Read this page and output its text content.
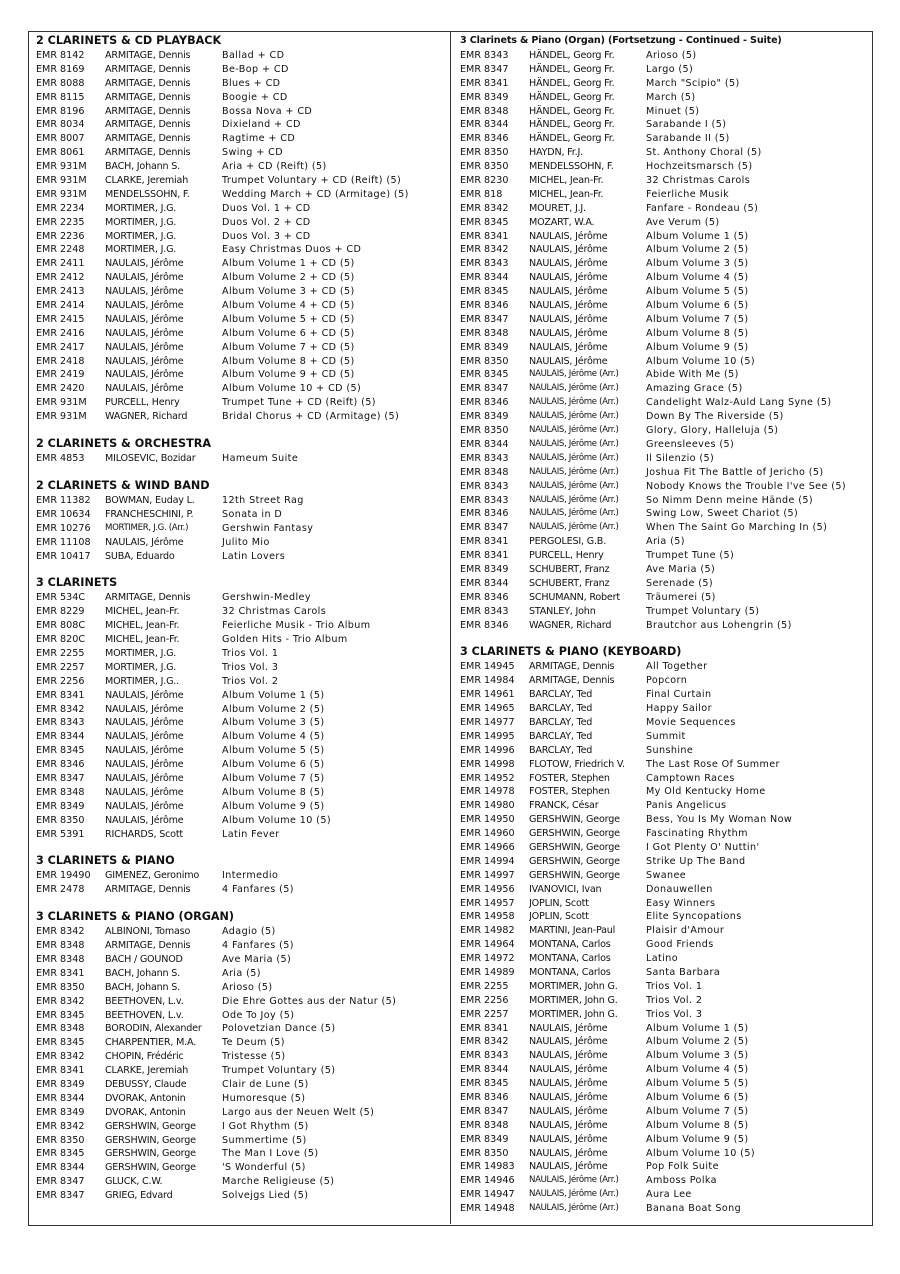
2 CLARINETS & CD PLAYBACK
EMR 8142	ARMITAGE, Dennis	Ballad + CD
EMR 8169	ARMITAGE, Dennis	Be-Bop + CD
EMR 8088	ARMITAGE, Dennis	Blues + CD
EMR 8115	ARMITAGE, Dennis	Boogie + CD
EMR 8196	ARMITAGE, Dennis	Bossa Nova + CD
EMR 8034	ARMITAGE, Dennis	Dixieland + CD
EMR 8007	ARMITAGE, Dennis	Ragtime + CD
EMR 8061	ARMITAGE, Dennis	Swing + CD
EMR 931M	BACH, Johann S.	Aria + CD (Reift) (5)
EMR 931M	CLARKE, Jeremiah	Trumpet Voluntary + CD (Reift) (5)
EMR 931M	MENDELSSOHN, F.	Wedding March + CD (Armitage) (5)
EMR 2234	MORTIMER, J.G.	Duos Vol. 1 + CD
EMR 2235	MORTIMER, J.G.	Duos Vol. 2 + CD
EMR 2236	MORTIMER, J.G.	Duos Vol. 3 + CD
EMR 2248	MORTIMER, J.G.	Easy Christmas Duos + CD
EMR 2411	NAULAIS, Jérôme	Album Volume 1 + CD (5)
EMR 2412	NAULAIS, Jérôme	Album Volume 2 + CD (5)
EMR 2413	NAULAIS, Jérôme	Album Volume 3 + CD (5)
EMR 2414	NAULAIS, Jérôme	Album Volume 4 + CD (5)
EMR 2415	NAULAIS, Jérôme	Album Volume 5 + CD (5)
EMR 2416	NAULAIS, Jérôme	Album Volume 6 + CD (5)
EMR 2417	NAULAIS, Jérôme	Album Volume 7 + CD (5)
EMR 2418	NAULAIS, Jérôme	Album Volume 8 + CD (5)
EMR 2419	NAULAIS, Jérôme	Album Volume 9 + CD (5)
EMR 2420	NAULAIS, Jérôme	Album Volume 10 + CD (5)
EMR 931M	PURCELL, Henry	Trumpet Tune + CD (Reift) (5)
EMR 931M	WAGNER, Richard	Bridal Chorus + CD (Armitage) (5)
2 CLARINETS & ORCHESTRA
EMR 4853	MILOSEVIC, Bozidar	Hameum Suite
2 CLARINETS & WIND BAND
EMR 11382	BOWMAN, Euday L.	12th Street Rag
EMR 10634	FRANCHESCHINI, P.	Sonata in D
EMR 10276	MORTIMER, J.G. (Arr.)	Gershwin Fantasy
EMR 11108	NAULAIS, Jérôme	Julito Mio
EMR 10417	SUBA, Eduardo	Latin Lovers
3 CLARINETS
EMR 534C	ARMITAGE, Dennis	Gershwin-Medley
EMR 8229	MICHEL, Jean-Fr.	32 Christmas Carols
EMR 808C	MICHEL, Jean-Fr.	Feierliche Musik - Trio Album
EMR 820C	MICHEL, Jean-Fr.	Golden Hits - Trio Album
EMR 2255	MORTIMER, J.G.	Trios Vol. 1
EMR 2257	MORTIMER, J.G.	Trios Vol. 3
EMR 2256	MORTIMER, J.G..	Trios Vol. 2
EMR 8341	NAULAIS, Jérôme	Album Volume 1 (5)
EMR 8342	NAULAIS, Jérôme	Album Volume 2 (5)
EMR 8343	NAULAIS, Jérôme	Album Volume 3 (5)
EMR 8344	NAULAIS, Jérôme	Album Volume 4 (5)
EMR 8345	NAULAIS, Jérôme	Album Volume 5 (5)
EMR 8346	NAULAIS, Jérôme	Album Volume 6 (5)
EMR 8347	NAULAIS, Jérôme	Album Volume 7 (5)
EMR 8348	NAULAIS, Jérôme	Album Volume 8 (5)
EMR 8349	NAULAIS, Jérôme	Album Volume 9 (5)
EMR 8350	NAULAIS, Jérôme	Album Volume 10 (5)
EMR 5391	RICHARDS, Scott	Latin Fever
3 CLARINETS & PIANO
EMR 19490	GIMENEZ, Geronimo	Intermedio
EMR 2478	ARMITAGE, Dennis	4 Fanfares (5)
3 CLARINETS & PIANO (ORGAN)
EMR 8342	ALBINONI, Tomaso	Adagio (5)
EMR 8348	ARMITAGE, Dennis	4 Fanfares (5)
EMR 8348	BACH / GOUNOD	Ave Maria (5)
EMR 8341	BACH, Johann S.	Aria (5)
EMR 8350	BACH, Johann S.	Arioso (5)
EMR 8342	BEETHOVEN, L.v.	Die Ehre Gottes aus der Natur (5)
EMR 8345	BEETHOVEN, L.v.	Ode To Joy (5)
EMR 8348	BORODIN, Alexander	Polovetzian Dance (5)
EMR 8345	CHARPENTIER, M.A.	Te Deum (5)
EMR 8342	CHOPIN, Frédéric	Tristesse (5)
EMR 8341	CLARKE, Jeremiah	Trumpet Voluntary (5)
EMR 8349	DEBUSSY, Claude	Clair de Lune (5)
EMR 8344	DVORAK, Antonin	Humoresque (5)
EMR 8349	DVORAK, Antonin	Largo aus der Neuen Welt (5)
EMR 8342	GERSHWIN, George	I Got Rhythm (5)
EMR 8350	GERSHWIN, George	Summertime (5)
EMR 8345	GERSHWIN, George	The Man I Love (5)
EMR 8344	GERSHWIN, George	'S Wonderful (5)
EMR 8347	GLUCK, C.W.	Marche Religieuse (5)
EMR 8347	GRIEG, Edvard	Solvejgs Lied (5)
3 Clarinets & Piano (Organ) (Fortsetzung - Continued - Suite)
EMR 8343	HÄNDEL, Georg Fr.	Arioso (5)
EMR 8347	HÄNDEL, Georg Fr.	Largo (5)
EMR 8341	HÄNDEL, Georg Fr.	March "Scipio" (5)
EMR 8349	HÄNDEL, Georg Fr.	March (5)
EMR 8348	HÄNDEL, Georg Fr.	Minuet (5)
EMR 8344	HÄNDEL, Georg Fr.	Sarabande I (5)
EMR 8346	HÄNDEL, Georg Fr.	Sarabande II (5)
EMR 8350	HAYDN, Fr.J.	St. Anthony Choral (5)
EMR 8350	MENDELSSOHN, F.	Hochzeitsmarsch (5)
EMR 8230	MICHEL, Jean-Fr.	32 Christmas Carols
EMR 818	MICHEL, Jean-Fr.	Feierliche Musik
EMR 8342	MOURET, J.J.	Fanfare - Rondeau (5)
EMR 8345	MOZART, W.A.	Ave Verum (5)
EMR 8341	NAULAIS, Jérôme	Album Volume 1 (5)
EMR 8342	NAULAIS, Jérôme	Album Volume 2 (5)
EMR 8343	NAULAIS, Jérôme	Album Volume 3 (5)
EMR 8344	NAULAIS, Jérôme	Album Volume 4 (5)
EMR 8345	NAULAIS, Jérôme	Album Volume 5 (5)
EMR 8346	NAULAIS, Jérôme	Album Volume 6 (5)
EMR 8347	NAULAIS, Jérôme	Album Volume 7 (5)
EMR 8348	NAULAIS, Jérôme	Album Volume 8 (5)
EMR 8349	NAULAIS, Jérôme	Album Volume 9 (5)
EMR 8350	NAULAIS, Jérôme	Album Volume 10 (5)
EMR 8345	NAULAIS, Jérôme (Arr.)	Abide With Me (5)
EMR 8347	NAULAIS, Jérôme (Arr.)	Amazing Grace (5)
EMR 8346	NAULAIS, Jérôme (Arr.)	Candelight Walz-Auld Lang Syne (5)
EMR 8349	NAULAIS, Jérôme (Arr.)	Down By The Riverside (5)
EMR 8350	NAULAIS, Jérôme (Arr.)	Glory, Glory, Halleluja (5)
EMR 8344	NAULAIS, Jérôme (Arr.)	Greensleeves (5)
EMR 8343	NAULAIS, Jérôme (Arr.)	Il Silenzio (5)
EMR 8348	NAULAIS, Jérôme (Arr.)	Joshua Fit The Battle of Jericho (5)
EMR 8343	NAULAIS, Jérôme (Arr.)	Nobody Knows the Trouble I've See (5)
EMR 8343	NAULAIS, Jérôme (Arr.)	So Nimm Denn meine Hände (5)
EMR 8346	NAULAIS, Jérôme (Arr.)	Swing Low, Sweet Chariot (5)
EMR 8347	NAULAIS, Jérôme (Arr.)	When The Saint Go Marching In (5)
EMR 8341	PERGOLESI, G.B.	Aria (5)
EMR 8341	PURCELL, Henry	Trumpet Tune (5)
EMR 8349	SCHUBERT, Franz	Ave Maria (5)
EMR 8344	SCHUBERT, Franz	Serenade (5)
EMR 8346	SCHUMANN, Robert	Träumerei (5)
EMR 8343	STANLEY, John	Trumpet Voluntary (5)
EMR 8346	WAGNER, Richard	Brautchor aus Lohengrin (5)
3 CLARINETS & PIANO (KEYBOARD)
EMR 14945	ARMITAGE, Dennis	All Together
EMR 14984	ARMITAGE, Dennis	Popcorn
EMR 14961	BARCLAY, Ted	Final Curtain
EMR 14965	BARCLAY, Ted	Happy Sailor
EMR 14977	BARCLAY, Ted	Movie Sequences
EMR 14995	BARCLAY, Ted	Summit
EMR 14996	BARCLAY, Ted	Sunshine
EMR 14998	FLOTOW, Friedrich V.	The Last Rose Of Summer
EMR 14952	FOSTER, Stephen	Camptown Races
EMR 14978	FOSTER, Stephen	My Old Kentucky Home
EMR 14980	FRANCK, César	Panis Angelicus
EMR 14950	GERSHWIN, George	Bess, You Is My Woman Now
EMR 14960	GERSHWIN, George	Fascinating Rhythm
EMR 14966	GERSHWIN, George	I Got Plenty O' Nuttin'
EMR 14994	GERSHWIN, George	Strike Up The Band
EMR 14997	GERSHWIN, George	Swanee
EMR 14956	IVANOVICI, Ivan	Donauwellen
EMR 14957	JOPLIN, Scott	Easy Winners
EMR 14958	JOPLIN, Scott	Elite Syncopations
EMR 14982	MARTINI, Jean-Paul	Plaisir d'Amour
EMR 14964	MONTANA, Carlos	Good Friends
EMR 14972	MONTANA, Carlos	Latino
EMR 14989	MONTANA, Carlos	Santa Barbara
EMR 2255	MORTIMER, John G.	Trios Vol. 1
EMR 2256	MORTIMER, John G.	Trios Vol. 2
EMR 2257	MORTIMER, John G.	Trios Vol. 3
EMR 8341	NAULAIS, Jérôme	Album Volume 1 (5)
EMR 8342	NAULAIS, Jérôme	Album Volume 2 (5)
EMR 8343	NAULAIS, Jérôme	Album Volume 3 (5)
EMR 8344	NAULAIS, Jérôme	Album Volume 4 (5)
EMR 8345	NAULAIS, Jérôme	Album Volume 5 (5)
EMR 8346	NAULAIS, Jérôme	Album Volume 6 (5)
EMR 8347	NAULAIS, Jérôme	Album Volume 7 (5)
EMR 8348	NAULAIS, Jérôme	Album Volume 8 (5)
EMR 8349	NAULAIS, Jérôme	Album Volume 9 (5)
EMR 8350	NAULAIS, Jérôme	Album Volume 10 (5)
EMR 14983	NAULAIS, Jérôme	Pop Folk Suite
EMR 14946	NAULAIS, Jérôme (Arr.)	Amboss Polka
EMR 14947	NAULAIS, Jérôme (Arr.)	Aura Lee
EMR 14948	NAULAIS, Jérôme (Arr.)	Banana Boat Song
